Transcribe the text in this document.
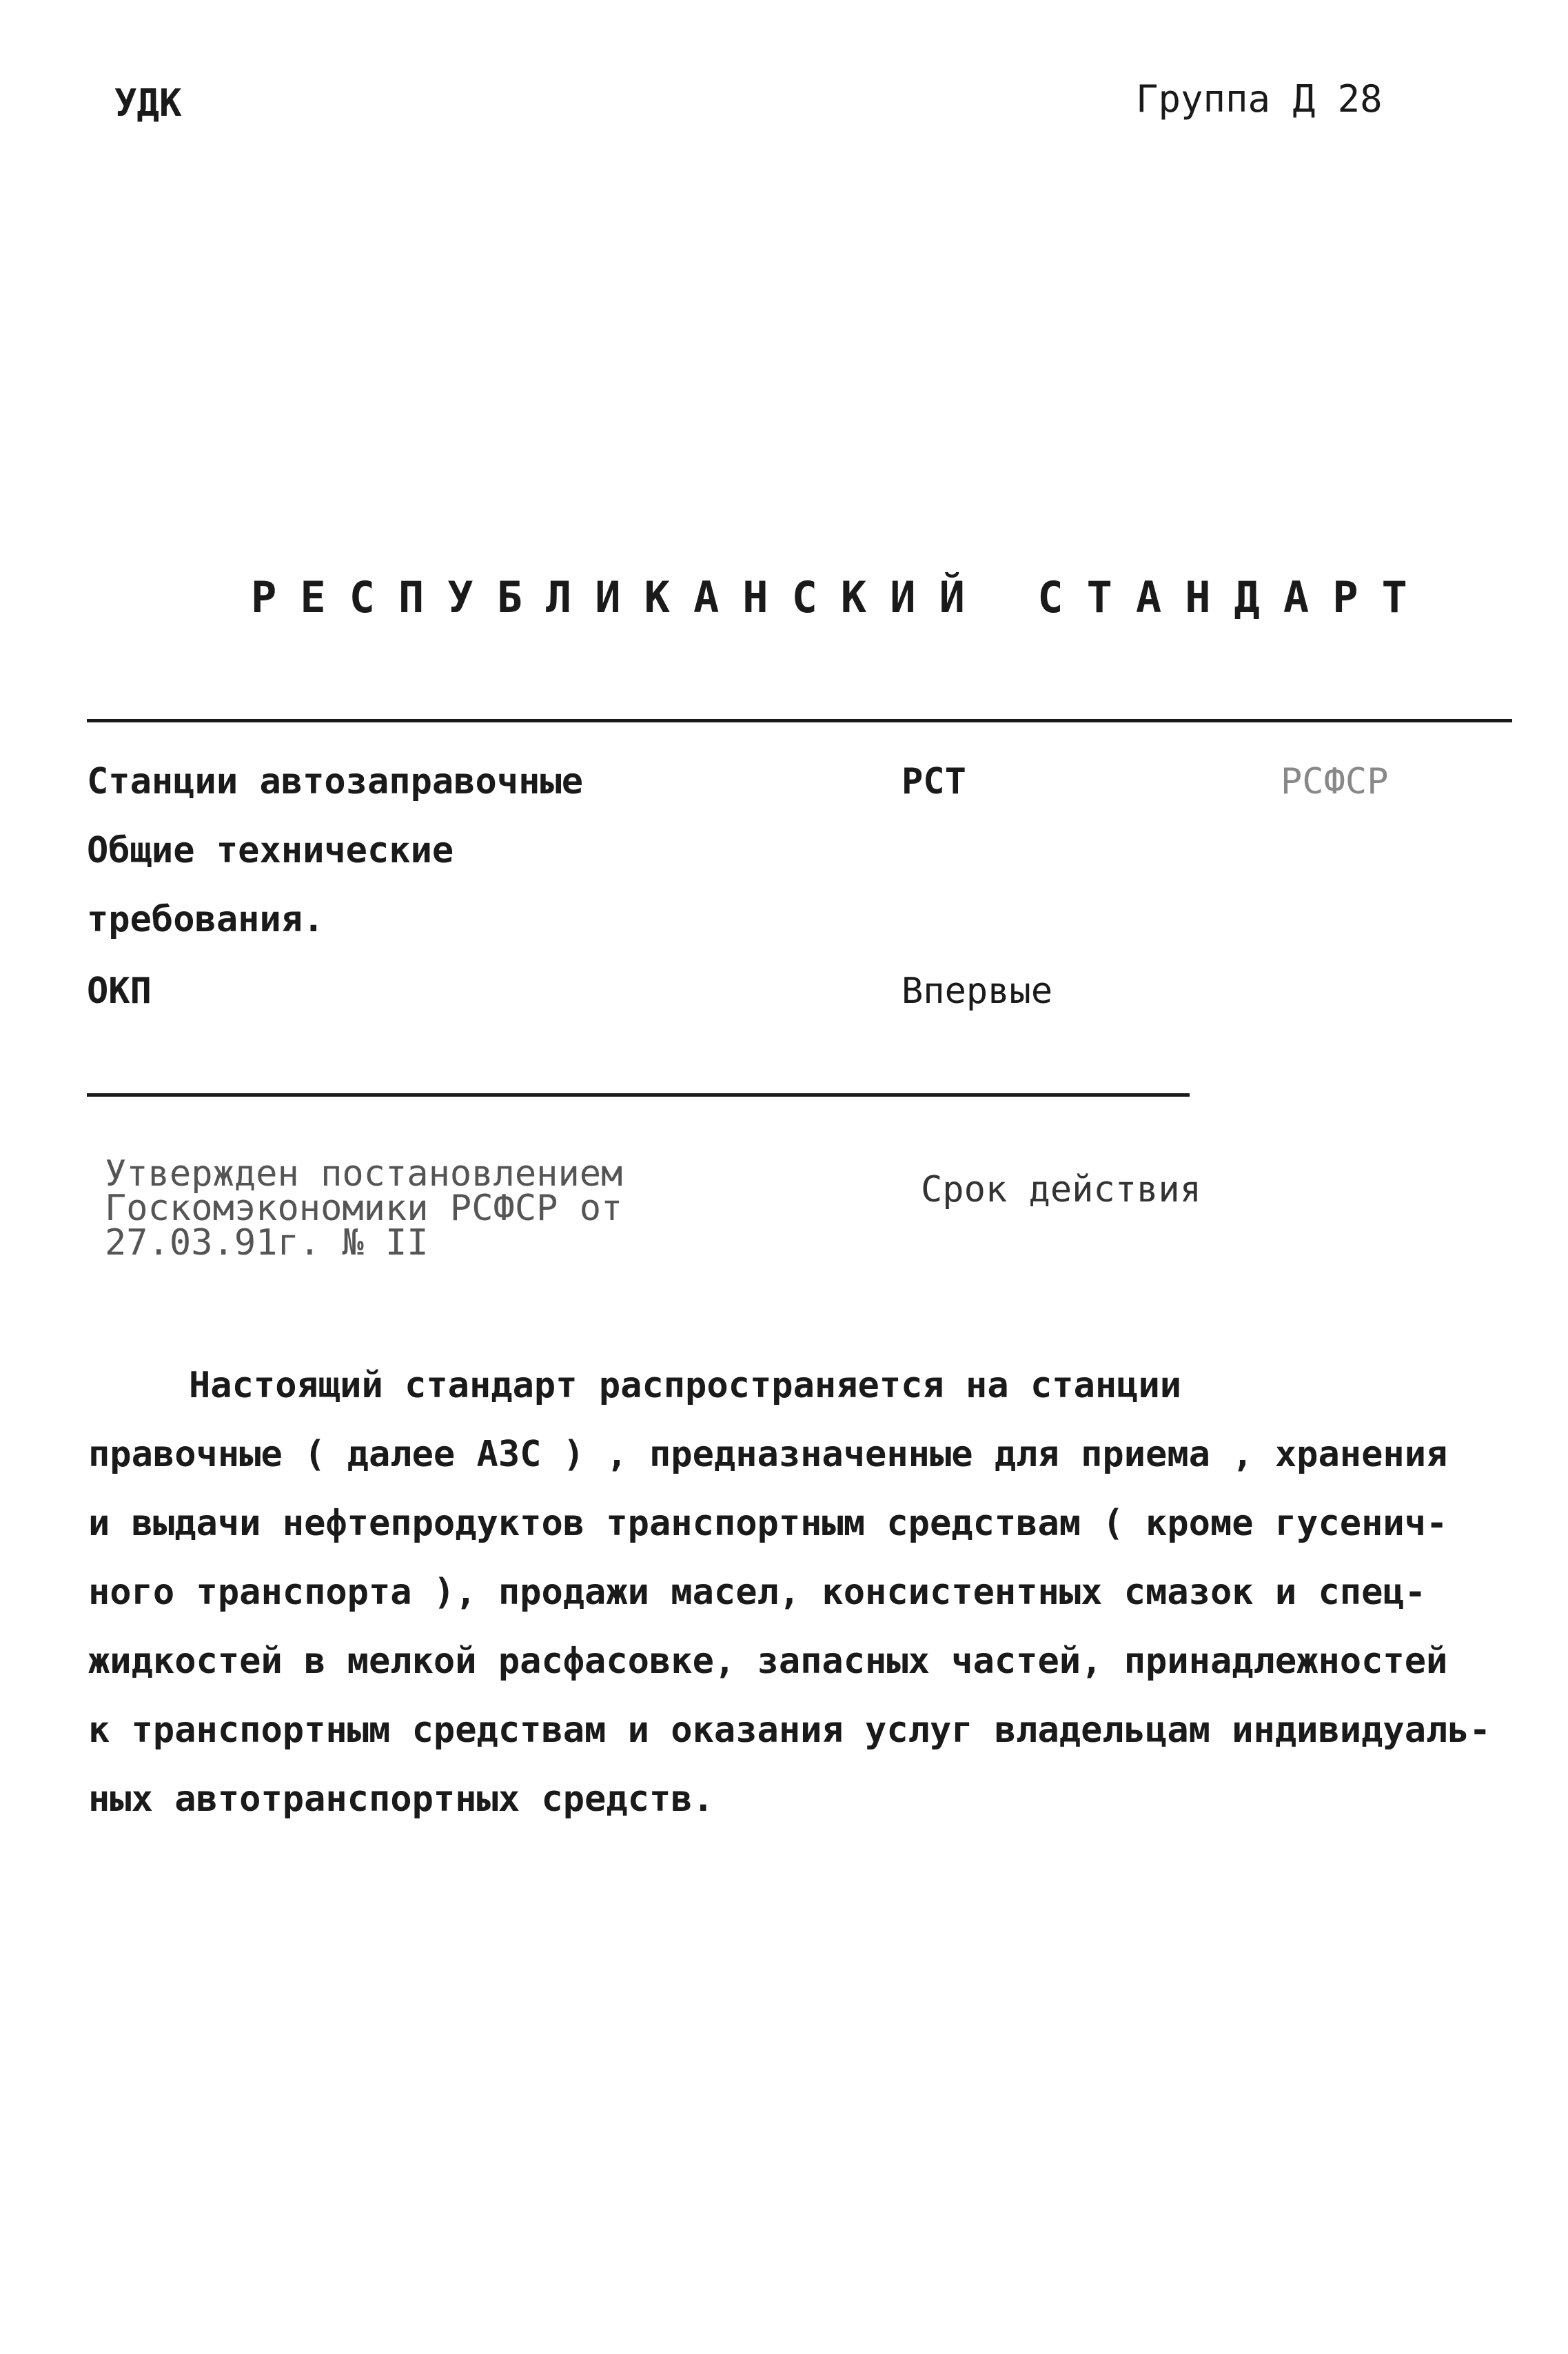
УДК	Группа Д 28
РЕСПУБЛИКАНСКИЙ СТАНДАРТ
Станции автозаправочные
Общие технические
требования.
ОКП
РСТ	РСФСР
Впервые
Утвержден постановлением
Госкомэкономики РСФСР от
27.03.91г. № II
Срок действия
Настоящий стандарт распространяется на станции
правочные ( далее АЗС ) , предназначенные для приема , хранения
и выдачи нефтепродуктов транспортным средствам ( кроме гусенич-
ного транспорта ), продажи масел, консистентных смазок и спец-
жидкостей в мелкой расфасовке, запасных частей, принадлежностей
к транспортным средствам и оказания услуг владельцам индивидуаль-
ных автотранспортных средств.
